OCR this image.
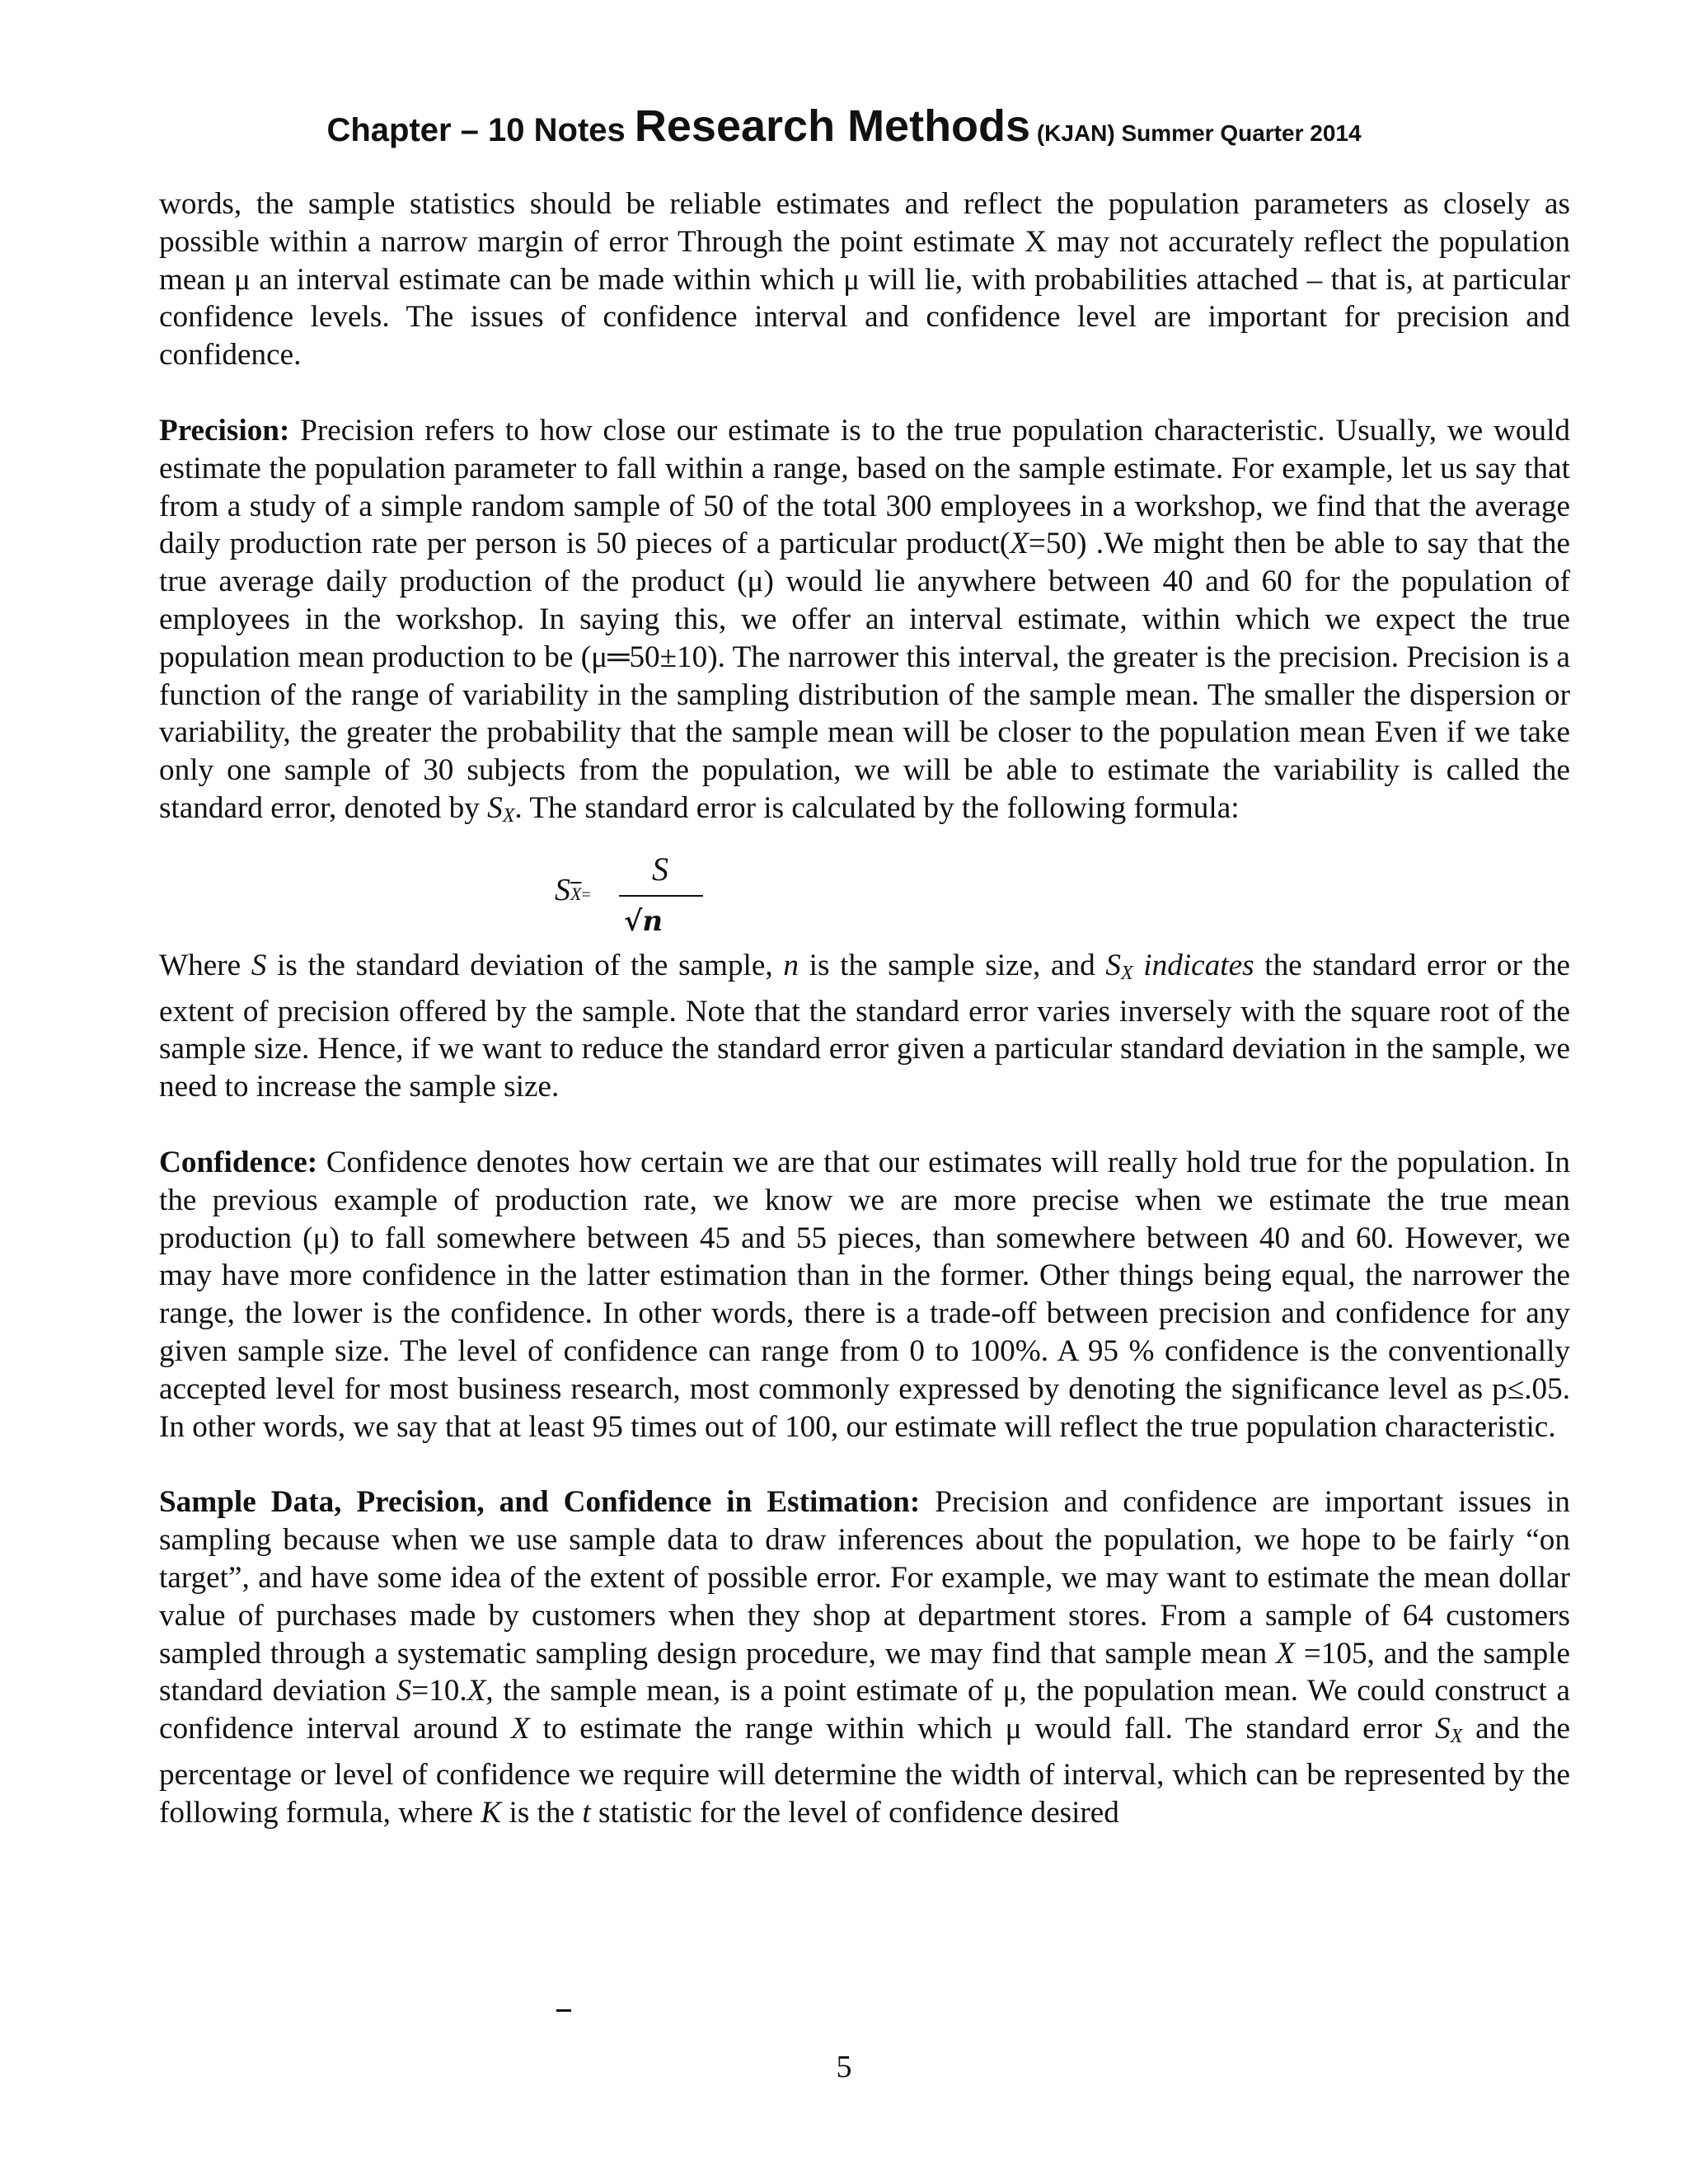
Chapter – 10 Notes Research Methods (KJAN) Summer Quarter 2014

words, the sample statistics should be reliable estimates and reflect the population parameters as closely as possible within a narrow margin of error Through the point estimate X may not accurately reflect the population mean μ an interval estimate can be made within which μ will lie, with probabilities attached – that is, at particular confidence levels. The issues of confidence interval and confidence level are important for precision and confidence.

Precision: Precision refers to how close our estimate is to the true population characteristic. Usually, we would estimate the population parameter to fall within a range, based on the sample estimate. For example, let us say that from a study of a simple random sample of 50 of the total 300 employees in a workshop, we find that the average daily production rate per person is 50 pieces of a particular product(X=50) .We might then be able to say that the true average daily production of the product (μ) would lie anywhere between 40 and 60 for the population of employees in the workshop. In saying this, we offer an interval estimate, within which we expect the true population mean production to be (μ═50±10). The narrower this interval, the greater is the precision. Precision is a function of the range of variability in the sampling distribution of the sample mean. The smaller the dispersion or variability, the greater the probability that the sample mean will be closer to the population mean Even if we take only one sample of 30 subjects from the population, we will be able to estimate the variability is called the standard error, denoted by $S_X$. The standard error is calculated by the following formula:

$S\overline{X}=$
S
√n

Where S is the standard deviation of the sample, n is the sample size, and $S_X$ indicates the standard error or the extent of precision offered by the sample. Note that the standard error varies inversely with the square root of the sample size. Hence, if we want to reduce the standard error given a particular standard deviation in the sample, we need to increase the sample size.

Confidence: Confidence denotes how certain we are that our estimates will really hold true for the population. In the previous example of production rate, we know we are more precise when we estimate the true mean production (μ) to fall somewhere between 45 and 55 pieces, than somewhere between 40 and 60. However, we may have more confidence in the latter estimation than in the former. Other things being equal, the narrower the range, the lower is the confidence. In other words, there is a trade-off between precision and confidence for any given sample size. The level of confidence can range from 0 to 100%. A 95 % confidence is the conventionally accepted level for most business research, most commonly expressed by denoting the significance level as p≤.05. In other words, we say that at least 95 times out of 100, our estimate will reflect the true population characteristic.

Sample Data, Precision, and Confidence in Estimation: Precision and confidence are important issues in sampling because when we use sample data to draw inferences about the population, we hope to be fairly “on target”, and have some idea of the extent of possible error. For example, we may want to estimate the mean dollar value of purchases made by customers when they shop at department stores. From a sample of 64 customers sampled through a systematic sampling design procedure, we may find that sample mean X =105, and the sample standard deviation S=10.X, the sample mean, is a point estimate of μ, the population mean. We could construct a confidence interval around X to estimate the range within which μ would fall. The standard error $S_X$ and the percentage or level of confidence we require will determine the width of interval, which can be represented by the following formula, where K is the t statistic for the level of confidence desired

5
